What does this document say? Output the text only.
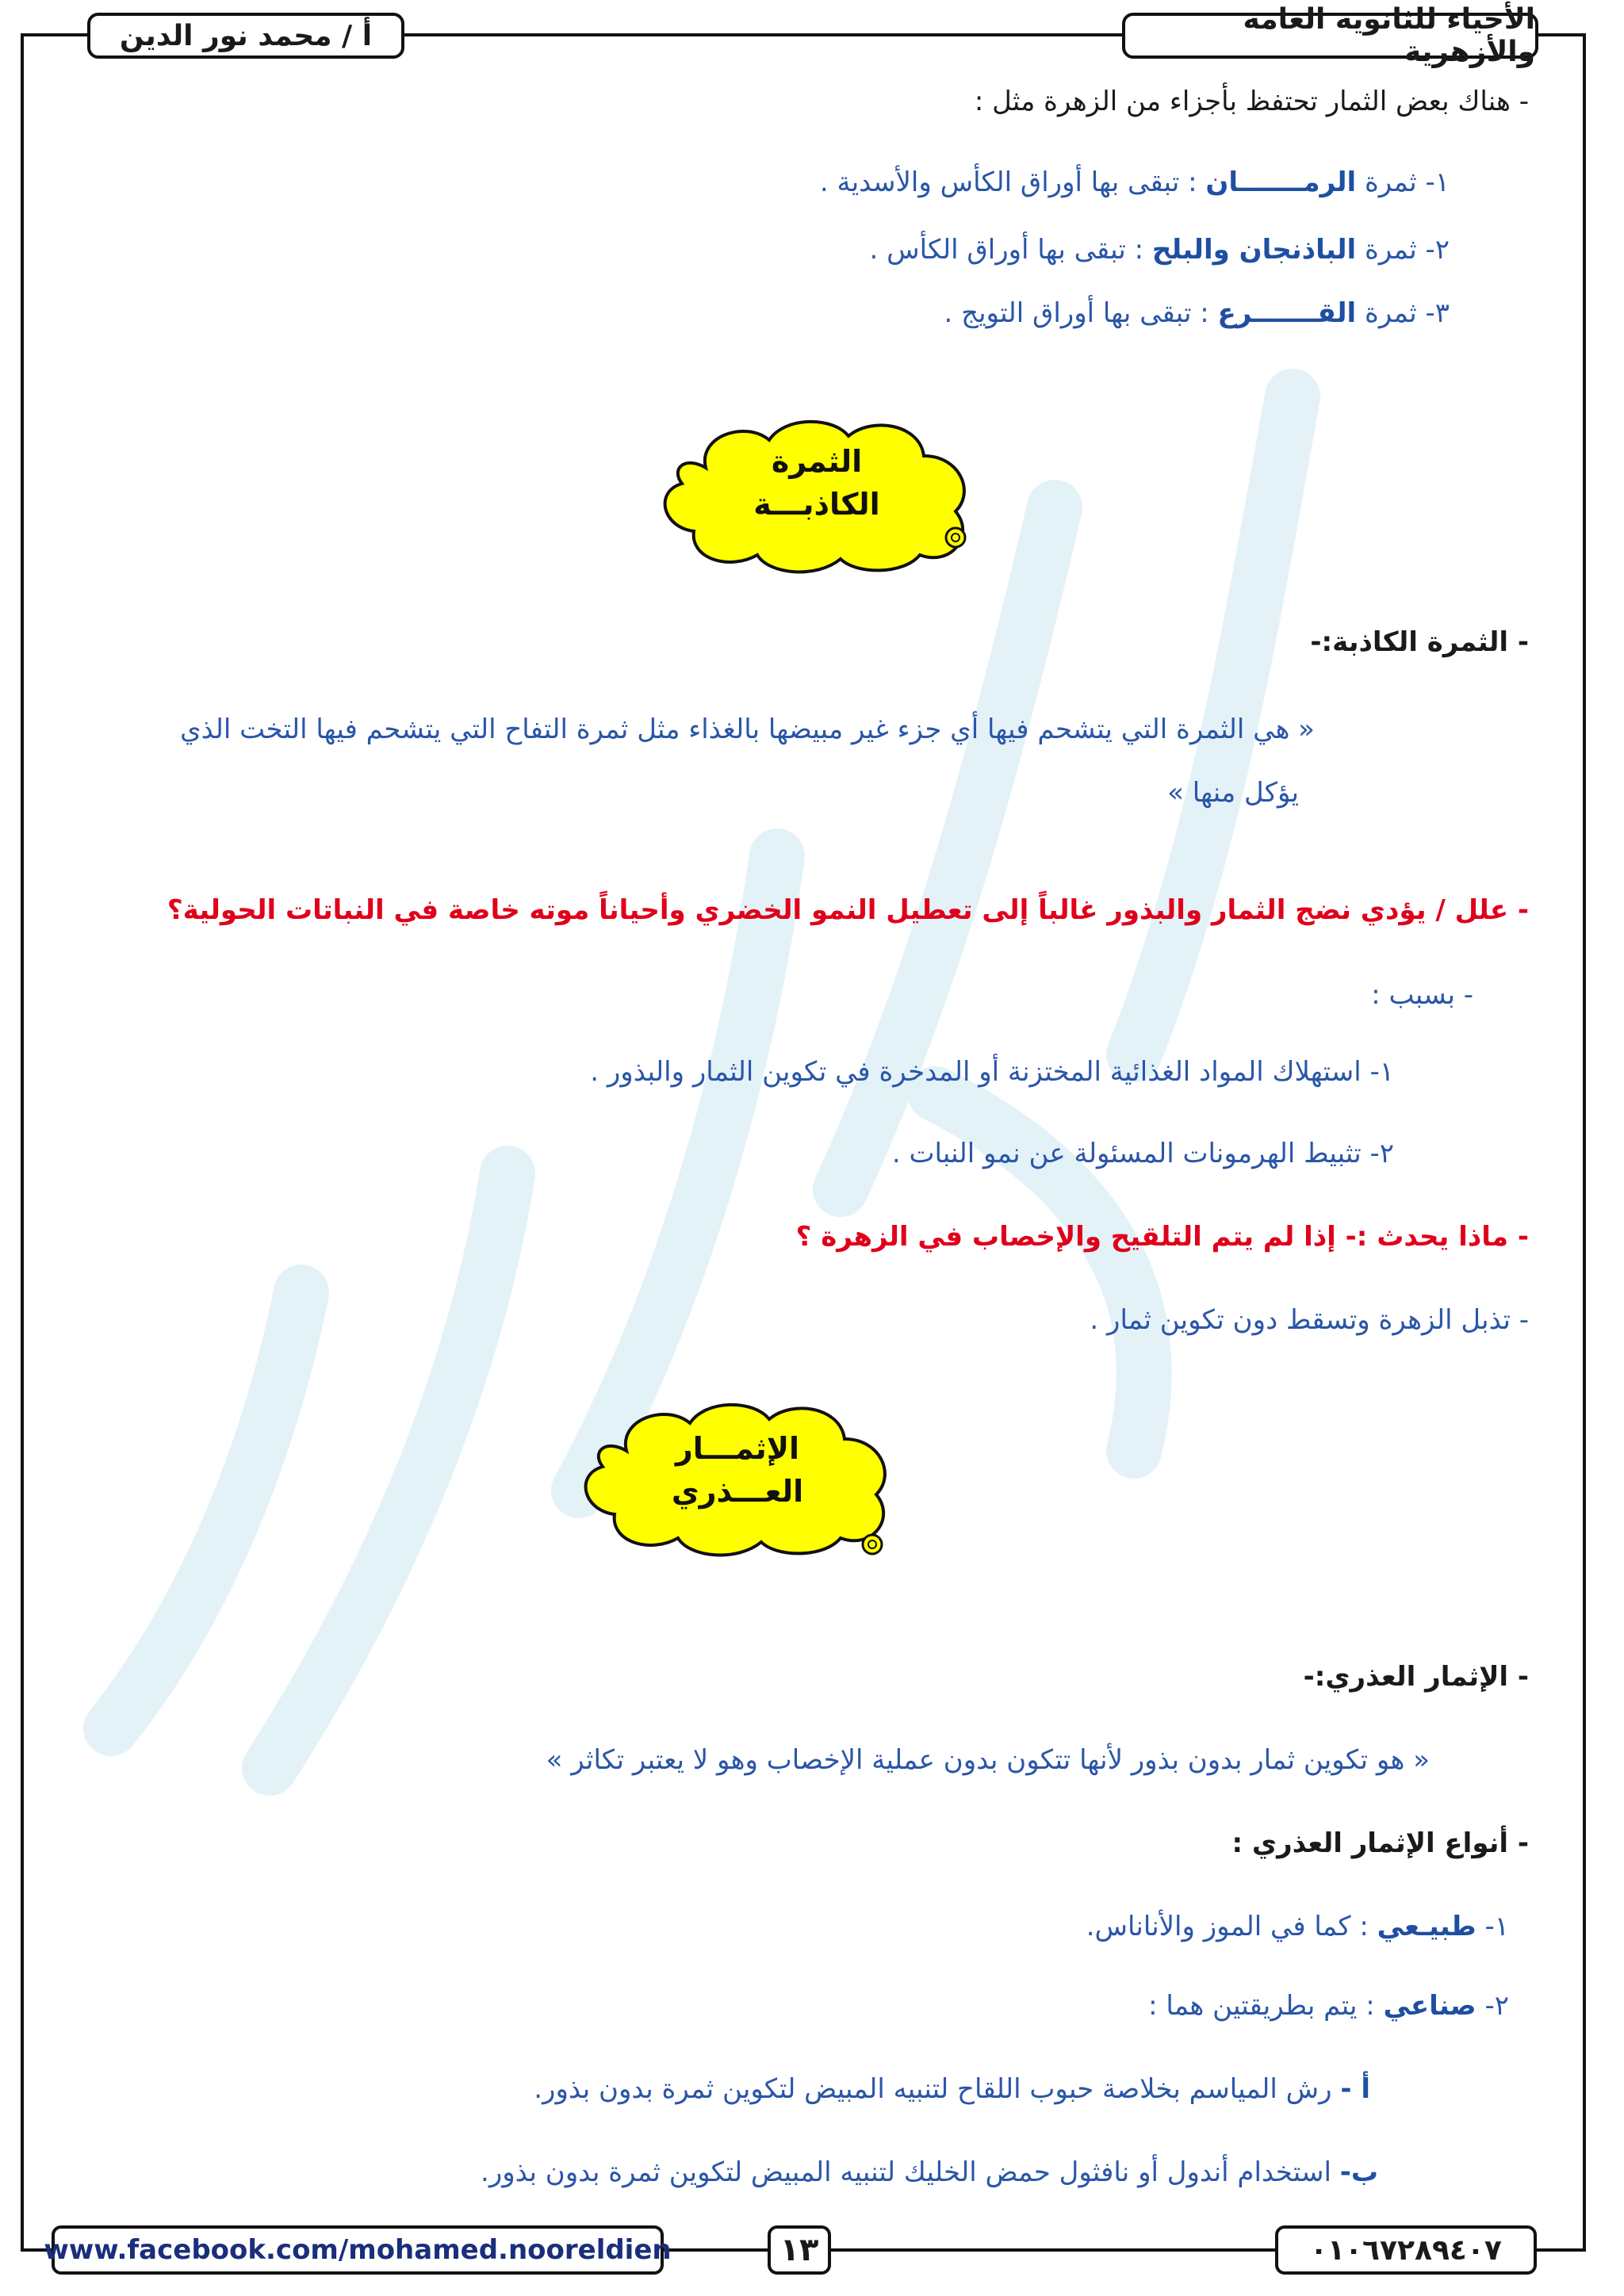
الأحياء للثانوية العامة والأزهرية
أ / محمد نور الدين
- هناك بعض الثمار تحتفظ بأجزاء من الزهرة مثل :
١- ثمرة الرمـــــــان : تبقى بها أوراق الكأس والأسدية .
٢- ثمرة الباذنجان والبلح : تبقى بها أوراق الكأس .
٣- ثمرة القـــــــرع : تبقى بها أوراق التويج .
الثمرة
الكاذبـــة
- الثمرة الكاذبة:-
« هي الثمرة التي يتشحم فيها أي جزء غير مبيضها بالغذاء مثل ثمرة التفاح التي يتشحم فيها التخت الذي
يؤكل منها »
- علل / يؤدي نضج الثمار والبذور غالباً إلى تعطيل النمو الخضري وأحياناً موته خاصة في النباتات الحولية؟
- بسبب :
١- استهلاك المواد الغذائية المختزنة أو المدخرة في تكوين الثمار والبذور .
٢- تثبيط الهرمونات المسئولة عن نمو النبات .
- ماذا يحدث :- إذا لم يتم التلقيح والإخصاب في الزهرة ؟
- تذبل الزهرة وتسقط دون تكوين ثمار .
الإثمـــار
العـــذري
- الإثمار العذري:-
« هو تكوين ثمار بدون بذور لأنها تتكون بدون عملية الإخصاب وهو لا يعتبر تكاثر »
- أنواع الإثمار العذري :
١- طبيـعي : كما في الموز والأناناس.
٢- صناعي : يتم بطريقتين هما :
أ - رش المياسم بخلاصة حبوب اللقاح لتنبيه المبيض لتكوين ثمرة بدون بذور.
ب- استخدام أندول أو نافثول حمض الخليك لتنبيه المبيض لتكوين ثمرة بدون بذور.
www.facebook.com/mohamed.nooreldien	١٣	٠١٠٦٧٢٨٩٤٠٧
